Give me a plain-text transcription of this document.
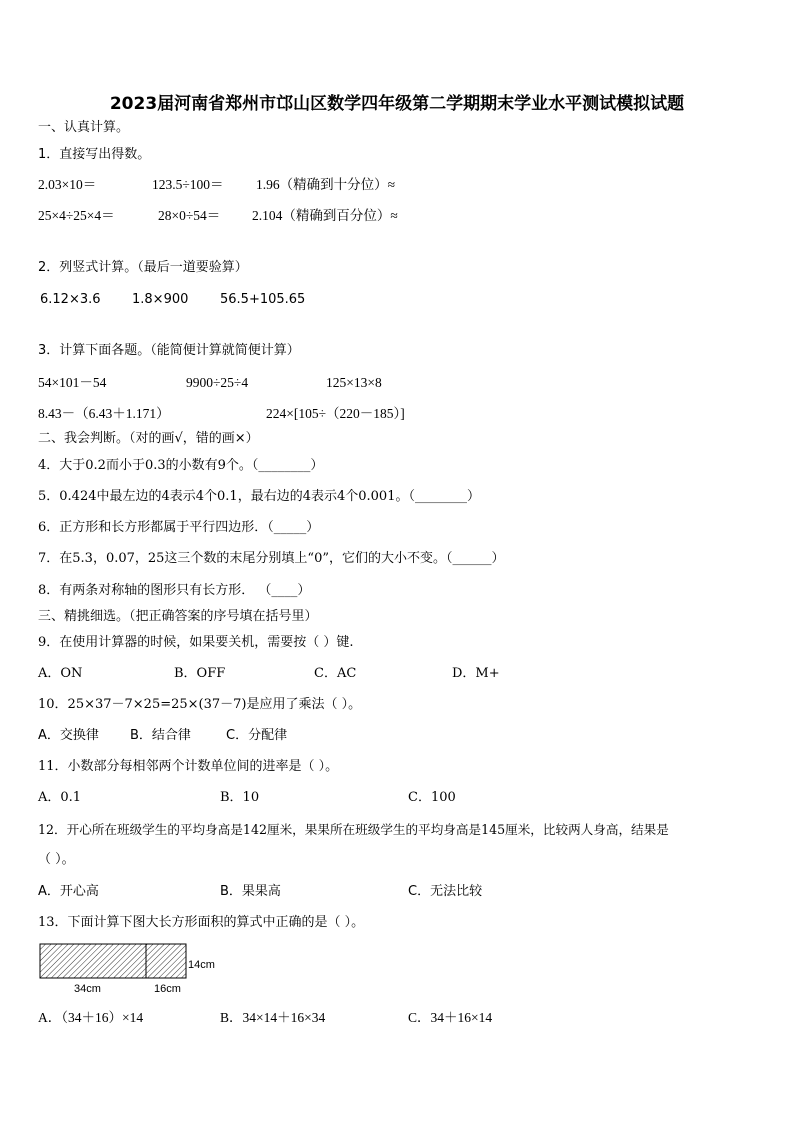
2023届河南省郑州市邙山区数学四年级第二学期期末学业水平测试模拟试题
一、认真计算。
1．直接写出得数。
2.03×10＝	123.5÷100＝ 1.96（精确到十分位）≈
25×4÷25×4＝	28×0÷54＝ 2.104（精确到百分位）≈
2．列竖式计算。（最后一道要验算）
6.12×3.6 1.8×900 56.5+105.65
3．计算下面各题。（能简便计算就简便计算）
54×101－54	9900÷25÷4	125×13×8
8.43－（6.43＋1.171）	224×[105÷（220－185）]
二、我会判断。（对的画√，错的画×）
4．大于0.2而小于0.3的小数有9个。（________）
5．0.424中最左边的4表示4个0.1，最右边的4表示4个0.001。（________）
6．正方形和长方形都属于平行四边形．（_____）
7．在5.3，0.07，25这三个数的末尾分别填上“0”，它们的大小不变。（______）
8．有两条对称轴的图形只有长方形． （____）
三、精挑细选。（把正确答案的序号填在括号里）
9．在使用计算器的时候，如果要关机，需要按（ ）键.
A．ON	B．OFF	C．AC	D．M+
10．25×37－7×25=25×(37－7)是应用了乘法（ ）。
A．交换律 B．结合律	C．分配律
11．小数部分每相邻两个计数单位间的进率是（ ）。
A．0.1	B．10	C．100
12．开心所在班级学生的平均身高是142厘米，果果所在班级学生的平均身高是145厘米，比较两人身高，结果是
（ ）。
A．开心高	B．果果高	C．无法比较
13．下面计算下图大长方形面积的算式中正确的是（ ）。
14cm
34cm	16cm
A．（34＋16）×14	B．34×14＋16×34	C．34＋16×14
